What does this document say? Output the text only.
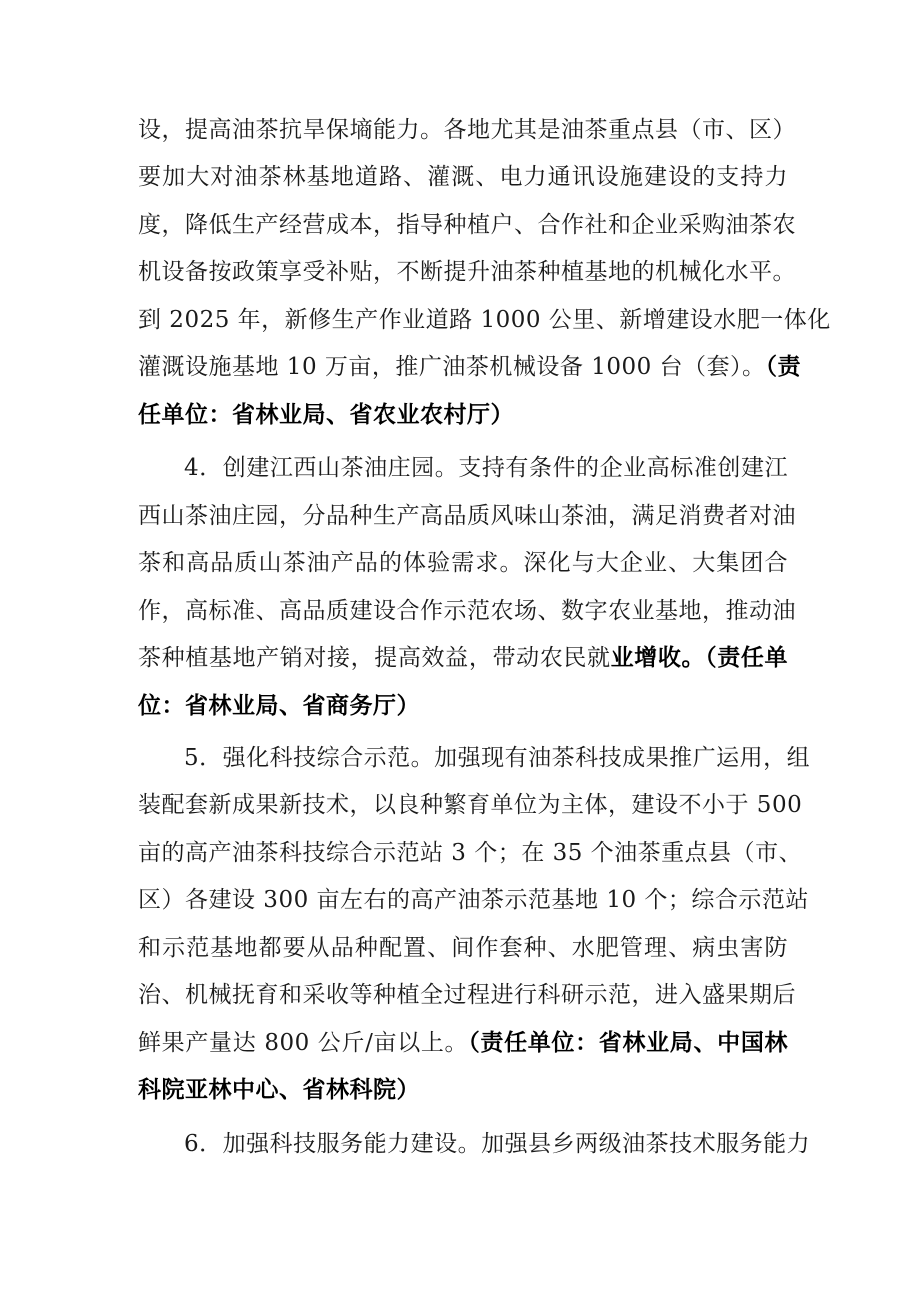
设，提高油茶抗旱保墒能力。各地尤其是油茶重点县（市、区）
要加大对油茶林基地道路、灌溉、电力通讯设施建设的支持力
度，降低生产经营成本，指导种植户、合作社和企业采购油茶农
机设备按政策享受补贴，不断提升油茶种植基地的机械化水平。
到 2025 年，新修生产作业道路 1000 公里、新增建设水肥一体化
灌溉设施基地 10 万亩，推广油茶机械设备 1000 台（套）。（责
任单位：省林业局、省农业农村厅）
4．创建江西山茶油庄园。支持有条件的企业高标准创建江
西山茶油庄园，分品种生产高品质风味山茶油，满足消费者对油
茶和高品质山茶油产品的体验需求。深化与大企业、大集团合
作，高标准、高品质建设合作示范农场、数字农业基地，推动油
茶种植基地产销对接，提高效益，带动农民就业增收。（责任单
位：省林业局、省商务厅）
5．强化科技综合示范。加强现有油茶科技成果推广运用，组
装配套新成果新技术，以良种繁育单位为主体，建设不小于 500
亩的高产油茶科技综合示范站 3 个；在 35 个油茶重点县（市、
区）各建设 300 亩左右的高产油茶示范基地 10 个；综合示范站
和示范基地都要从品种配置、间作套种、水肥管理、病虫害防
治、机械抚育和采收等种植全过程进行科研示范，进入盛果期后
鲜果产量达 800 公斤/亩以上。（责任单位：省林业局、中国林
科院亚林中心、省林科院）
6．加强科技服务能力建设。加强县乡两级油茶技术服务能力
